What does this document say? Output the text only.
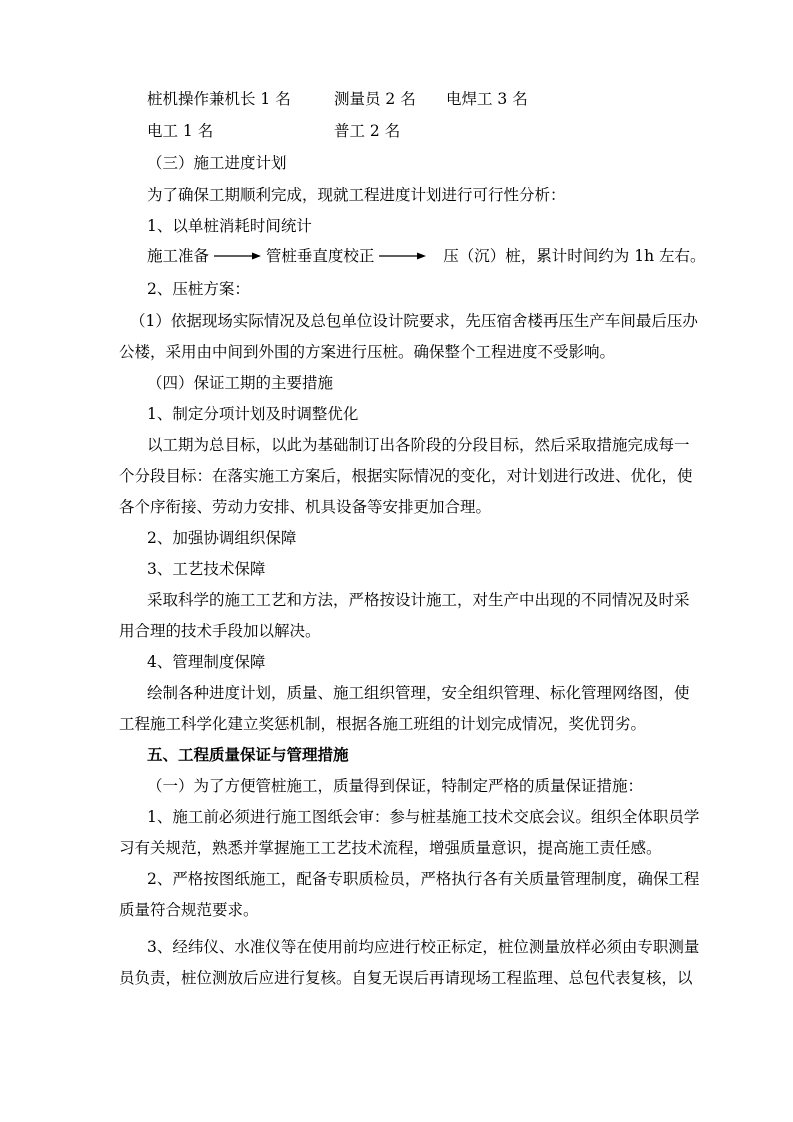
桩机操作兼机长 1 名	测量员 2 名 电焊工 3 名
电工 1 名	普工 2 名
（三）施工进度计划
为了确保工期顺利完成，现就工程进度计划进行可行性分析：
1、以单桩消耗时间统计
施工准备	管桩垂直度校正	压（沉）桩，累计时间约为 1h 左右。
2、压桩方案：
（1）依据现场实际情况及总包单位设计院要求，先压宿舍楼再压生产车间最后压办
公楼，采用由中间到外围的方案进行压桩。确保整个工程进度不受影响。
（四）保证工期的主要措施
1、制定分项计划及时调整优化
以工期为总目标，以此为基础制订出各阶段的分段目标，然后采取措施完成每一
个分段目标：在落实施工方案后，根据实际情况的变化，对计划进行改进、优化，使
各个序衔接、劳动力安排、机具设备等安排更加合理。
2、加强协调组织保障
3、工艺技术保障
采取科学的施工工艺和方法，严格按设计施工，对生产中出现的不同情况及时采
用合理的技术手段加以解决。
4、管理制度保障
绘制各种进度计划，质量、施工组织管理，安全组织管理、标化管理网络图，使
工程施工科学化建立奖惩机制，根据各施工班组的计划完成情况，奖优罚劣。
五、工程质量保证与管理措施
（一）为了方便管桩施工，质量得到保证，特制定严格的质量保证措施：
1、施工前必须进行施工图纸会审：参与桩基施工技术交底会议。组织全体职员学
习有关规范，熟悉并掌握施工工艺技术流程，增强质量意识，提高施工责任感。
2、严格按图纸施工，配备专职质检员，严格执行各有关质量管理制度，确保工程
质量符合规范要求。
3、经纬仪、水准仪等在使用前均应进行校正标定，桩位测量放样必须由专职测量
员负责，桩位测放后应进行复核。自复无误后再请现场工程监理、总包代表复核，以
